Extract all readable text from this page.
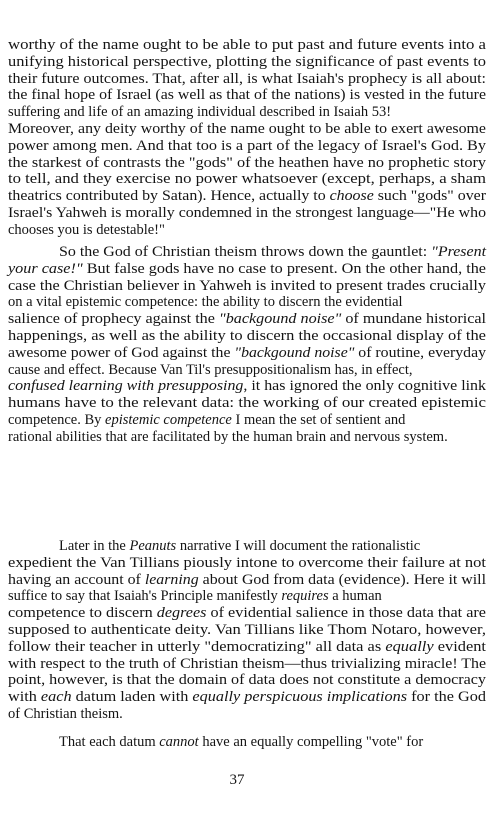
worthy of the name ought to be able to put past and future events into a
unifying historical perspective, plotting the significance of past events to
their future outcomes. That, after all, is what Isaiah's prophecy is all about:
the final hope of Israel (as well as that of the nations) is vested in the future
suffering and life of an amazing individual described in Isaiah 53!
Moreover, any deity worthy of the name ought to be able to exert awesome
power among men. And that too is a part of the legacy of Israel's God. By
the starkest of contrasts the "gods" of the heathen have no prophetic story
to tell, and they exercise no power whatsoever (except, perhaps, a sham
theatrics contributed by Satan). Hence, actually to choose such "gods" over
Israel's Yahweh is morally condemned in the strongest language—"He who
chooses you is detestable!"
So the God of Christian theism throws down the gauntlet: "Present
your case!" But false gods have no case to present. On the other hand, the
case the Christian believer in Yahweh is invited to present trades crucially
on a vital epistemic competence: the ability to discern the evidential
salience of prophecy against the "backgound noise" of mundane historical
happenings, as well as the ability to discern the occasional display of the
awesome power of God against the "backgound noise" of routine, everyday
cause and effect. Because Van Til's presuppositionalism has, in effect,
confused learning with presupposing, it has ignored the only cognitive link
humans have to the relevant data: the working of our created epistemic
competence. By epistemic competence I mean the set of sentient and
rational abilities that are facilitated by the human brain and nervous system.
Later in the Peanuts narrative I will document the rationalistic
expedient the Van Tillians piously intone to overcome their failure at not
having an account of learning about God from data (evidence). Here it will
suffice to say that Isaiah's Principle manifestly requires a human
competence to discern degrees of evidential salience in those data that are
supposed to authenticate deity. Van Tillians like Thom Notaro, however,
follow their teacher in utterly "democratizing" all data as equally evident
with respect to the truth of Christian theism—thus trivializing miracle! The
point, however, is that the domain of data does not constitute a democracy
with each datum laden with equally perspicuous implications for the God
of Christian theism.
That each datum cannot have an equally compelling "vote" for
37
